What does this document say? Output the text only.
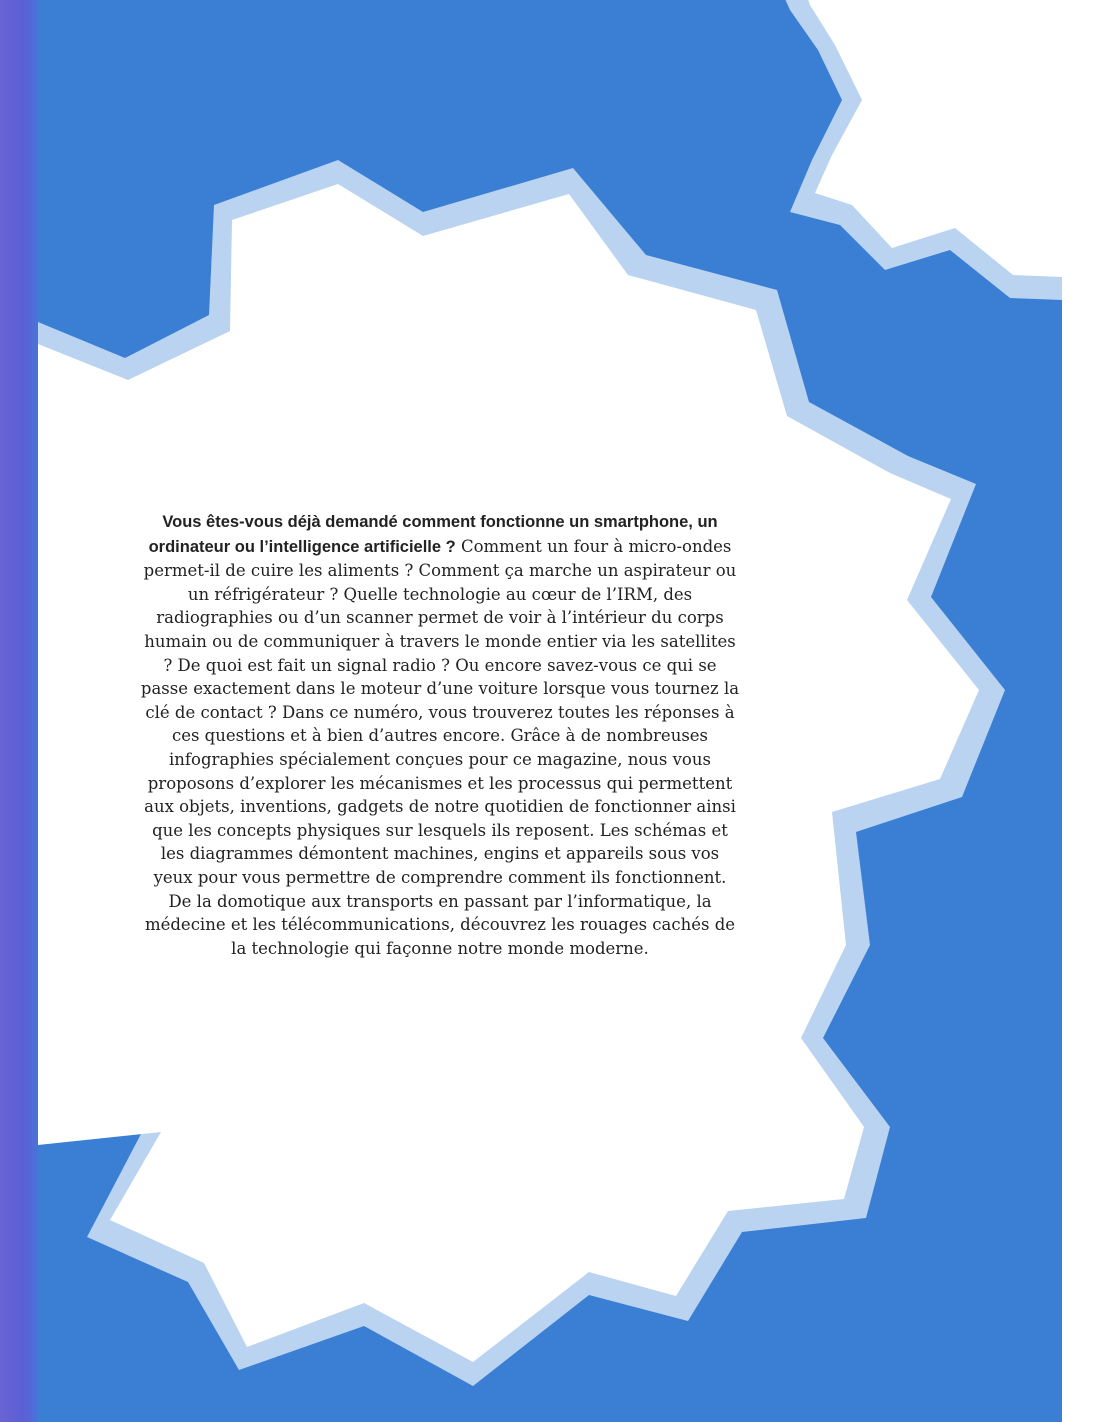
Vous êtes-vous déjà demandé comment fonctionne un smartphone, un ordinateur ou l’intelligence artificielle ? Comment un four à micro-ondes permet-il de cuire les aliments ? Comment ça marche un aspirateur ou un réfrigérateur ? Quelle technologie au cœur de l’IRM, des radiographies ou d’un scanner permet de voir à l’intérieur du corps humain ou de communiquer à travers le monde entier via les satellites ? De quoi est fait un signal radio ? Ou encore savez-vous ce qui se passe exactement dans le moteur d’une voiture lorsque vous tournez la clé de contact ? Dans ce numéro, vous trouverez toutes les réponses à ces questions et à bien d’autres encore. Grâce à de nombreuses infographies spécialement conçues pour ce magazine, nous vous proposons d’explorer les mécanismes et les processus qui permettent aux objets, inventions, gadgets de notre quotidien de fonctionner ainsi que les concepts physiques sur lesquels ils reposent. Les schémas et les diagrammes démontent machines, engins et appareils sous vos yeux pour vous permettre de comprendre comment ils fonctionnent. De la domotique aux transports en passant par l’informatique, la médecine et les télécommunications, découvrez les rouages cachés de la technologie qui façonne notre monde moderne.
